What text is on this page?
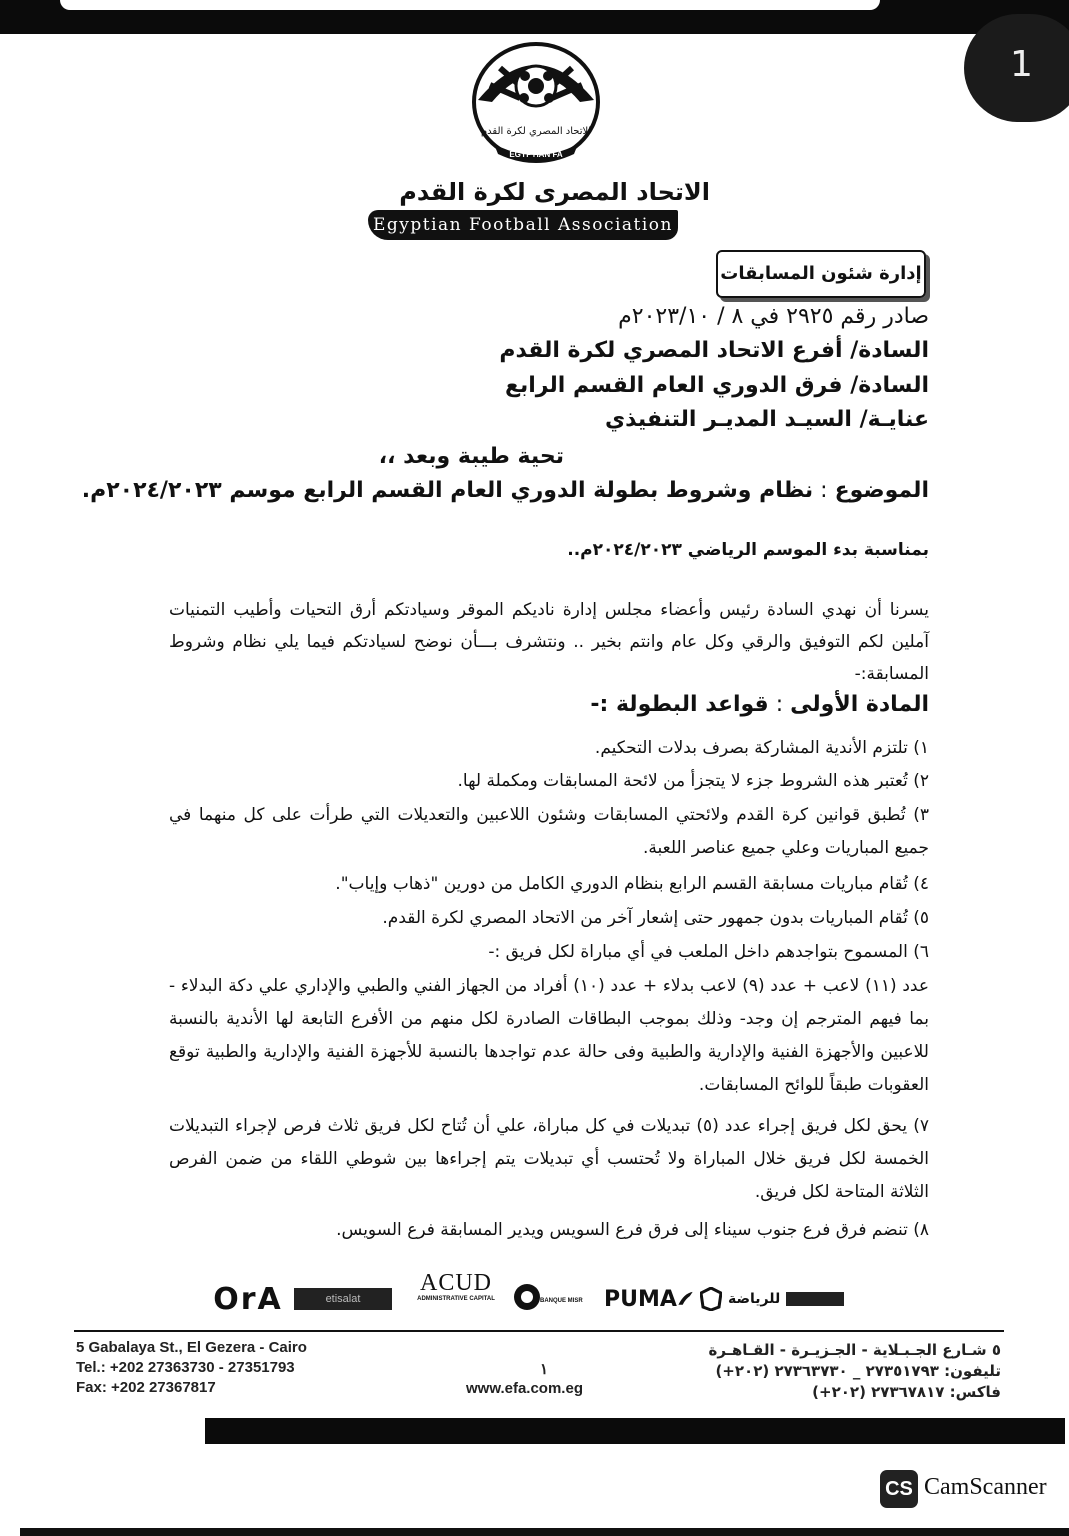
1
الاتحاد المصري لكرة القدم
EGYPTIAN FA
الاتحاد المصرى لكرة القدم
Egyptian Football Association
إدارة شئون المسابقات
صادر رقم ٢٩٢٥ في ٨ / ٢٠٢٣/١٠م
السادة/ أفرع الاتحاد المصري لكرة القدم
السادة/ فرق الدوري العام القسم الرابع
عنايـة/ السيـد المديـر التنفيذي
تحية طيبة وبعد ،،
الموضوع : نظام وشروط بطولة الدوري العام القسم الرابع موسم ٢٠٢٤/٢٠٢٣م.
بمناسبة بدء الموسم الرياضي ٢٠٢٤/٢٠٢٣م..
يسرنا أن نهدي السادة رئيس وأعضاء مجلس إدارة ناديكم الموقر وسيادتكم أرق التحيات وأطيب التمنيات آملين لكم التوفيق والرقي وكل عام وانتم بخير .. ونتشرف بـــأن نوضح لسيادتكم فيما يلي نظام وشروط المسابقة:-
المادة الأولى : قواعد البطولة :-
١) تلتزم الأندية المشاركة بصرف بدلات التحكيم.
٢) تُعتبر هذه الشروط جزء لا يتجزأ من لائحة المسابقات ومكملة لها.
٣) تُطبق قوانين كرة القدم ولائحتي المسابقات وشئون اللاعبين والتعديلات التي طرأت على كل منهما في جميع المباريات وعلي جميع عناصر اللعبة.
٤) تُقام مباريات مسابقة القسم الرابع بنظام الدوري الكامل من دورين "ذهاب وإياب".
٥) تُقام المباريات بدون جمهور حتى إشعار آخر من الاتحاد المصري لكرة القدم.
٦) المسموح بتواجدهم داخل الملعب في أي مباراة لكل فريق :-
عدد (١١) لاعب + عدد (٩) لاعب بدلاء + عدد (١٠) أفراد من الجهاز الفني والطبي والإداري علي دكة البدلاء - بما فيهم المترجم إن وجد- وذلك بموجب البطاقات الصادرة لكل منهم من الأفرع التابعة لها الأندية بالنسبة للاعبين والأجهزة الفنية والإدارية والطبية وفى حالة عدم تواجدها بالنسبة للأجهزة الفنية والإدارية والطبية توقع العقوبات طبقاً للوائح المسابقات.
٧) يحق لكل فريق إجراء عدد (٥) تبديلات في كل مباراة، علي أن تُتاح لكل فريق ثلاث فرص لإجراء التبديلات الخمسة لكل فريق خلال المباراة ولا تُحتسب أي تبديلات يتم إجراءها بين شوطي اللقاء من ضمن الفرص الثلاثة المتاحة لكل فريق.
٨) تنضم فرق فرع جنوب سيناء إلى فرق فرع السويس ويدير المسابقة فرع السويس.
OrA	etisalat
ACUD
ADMINISTRATIVE CAPITAL	BANQUE MISR PUMA	للرياضة
5 Gabalaya St., El Gezera - Cairo
Tel.: +202 27363730 - 27351793
Fax: +202 27367817
١
www.efa.com.eg
٥ شـارع الجـبـلاية - الجـزيـرة - القـاهـرة
تليفون: ٢٧٣٥١٧٩٣ _ ٢٧٣٦٣٧٣٠ (٢٠٢+)
فاكس: ٢٧٣٦٧٨١٧ (٢٠٢+)
CS CamScanner
